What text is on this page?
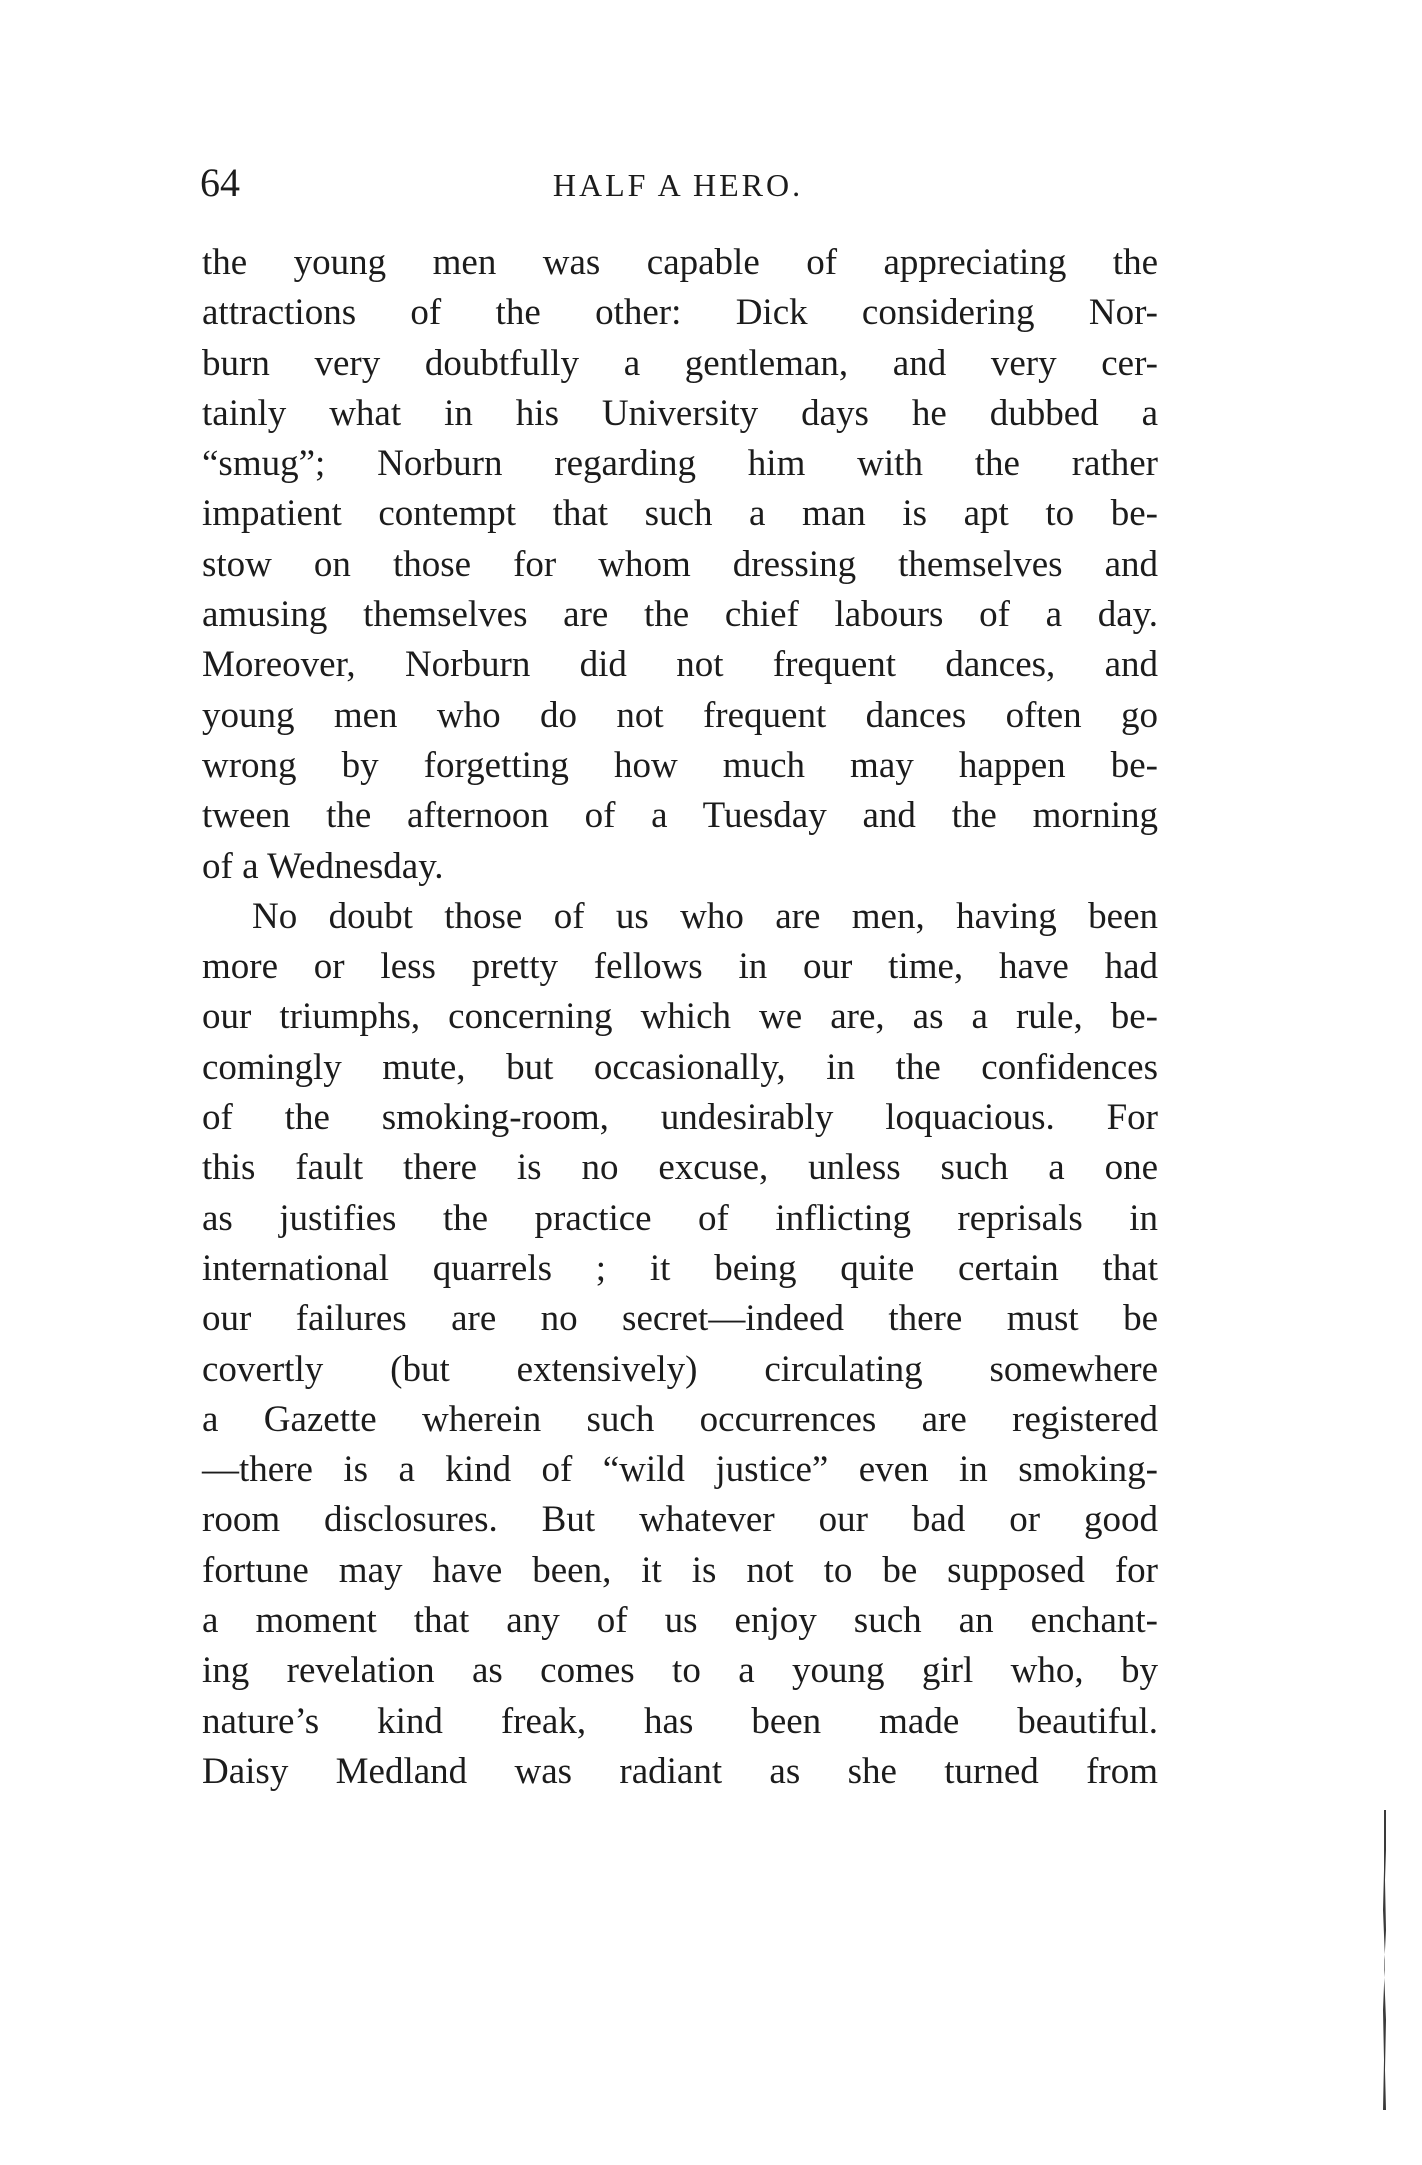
64	HALF A HERO.
the young men was capable of appreciating the
attractions of the other: Dick considering Nor-
burn very doubtfully a gentleman, and very cer-
tainly what in his University days he dubbed a
“smug”; Norburn regarding him with the rather
impatient contempt that such a man is apt to be-
stow on those for whom dressing themselves and
amusing themselves are the chief labours of a day.
Moreover, Norburn did not frequent dances, and
young men who do not frequent dances often go
wrong by forgetting how much may happen be-
tween the afternoon of a Tuesday and the morning
of a Wednesday.
No doubt those of us who are men, having been
more or less pretty fellows in our time, have had
our triumphs, concerning which we are, as a rule, be-
comingly mute, but occasionally, in the confidences
of the smoking-room, undesirably loquacious. For
this fault there is no excuse, unless such a one
as justifies the practice of inflicting reprisals in
international quarrels ; it being quite certain that
our failures are no secret—indeed there must be
covertly (but extensively) circulating somewhere
a Gazette wherein such occurrences are registered
—there is a kind of “wild justice” even in smoking-
room disclosures. But whatever our bad or good
fortune may have been, it is not to be supposed for
a moment that any of us enjoy such an enchant-
ing revelation as comes to a young girl who, by
nature’s kind freak, has been made beautiful.
Daisy Medland was radiant as she turned from
